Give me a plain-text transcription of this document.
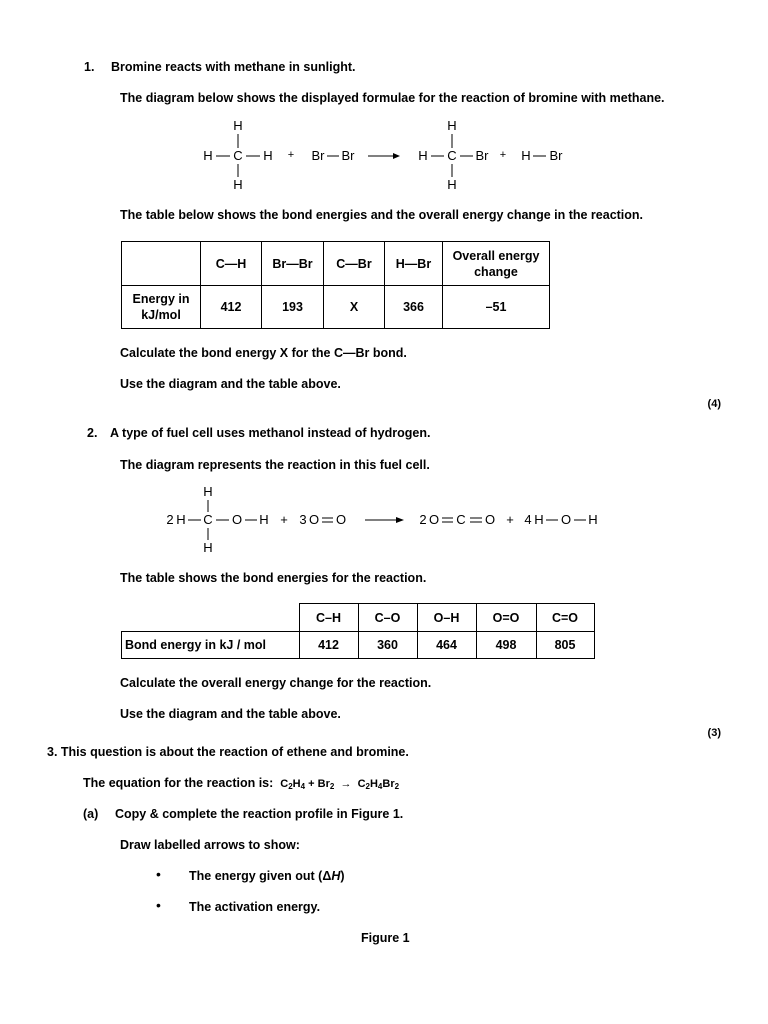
1. Bromine reacts with methane in sunlight.
The diagram below shows the displayed formulae for the reaction of bromine with methane.
H
H C H
H
+ Br Br
H
H C Br
H
+ H Br
The table below shows the bond energies and the overall energy change in the reaction.
	C—H	Br—Br	C—Br	H—Br	Overall energy change
Energy in kJ/mol	412	193	X	366	–51
Calculate the bond energy X for the C—Br bond.
Use the diagram and the table above.
(4)
2. A type of fuel cell uses methanol instead of hydrogen.
The diagram represents the reaction in this fuel cell.
2 H
H
C O H
H
+ 3 O O	2 O C O + 4 H O H
The table shows the bond energies for the reaction.
	C–H	C–O	O–H	O=O	C=O
Bond energy in kJ / mol	412	360	464	498	805
Calculate the overall energy change for the reaction.
Use the diagram and the table above.
(3)
3. This question is about the reaction of ethene and bromine.
The equation for the reaction is: $C_2H_4 + Br_2 \to C_2H_4Br_2$
(a) Copy & complete the reaction profile in Figure 1.
Draw labelled arrows to show:
• The energy given out (ΔH)
• The activation energy.
Figure 1
